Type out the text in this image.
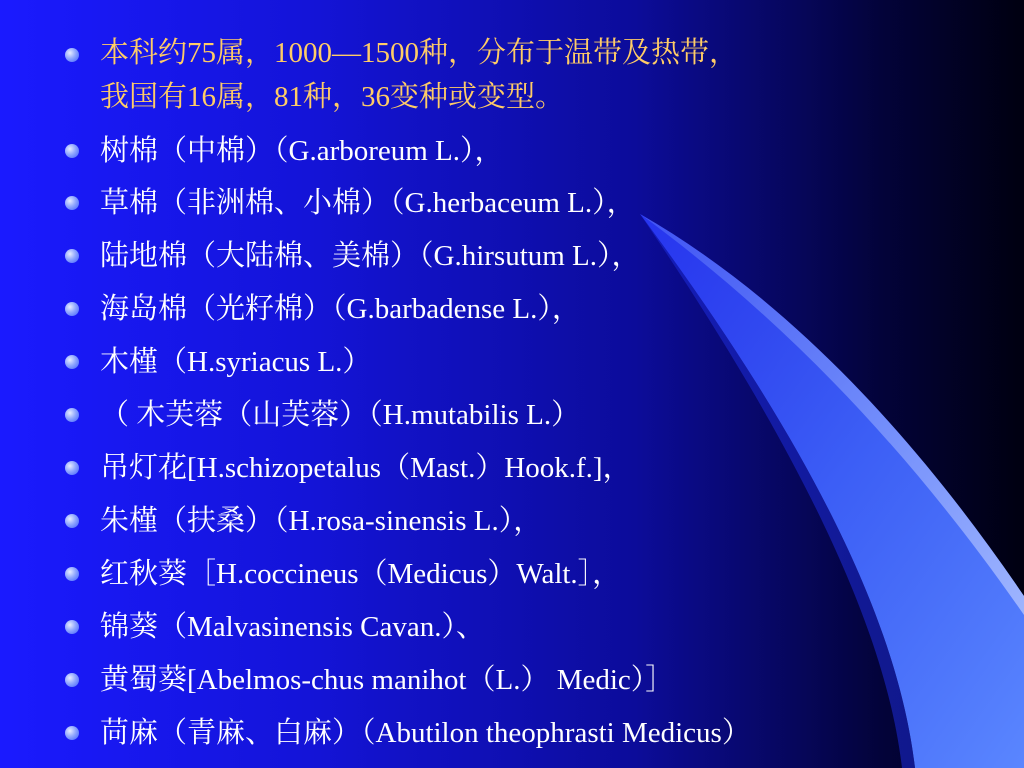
本科约75属，1000—1500种，分布于温带及热带，
我国有16属，81种，36变种或变型。
树棉（中棉）（G.arboreum L.），
草棉（非洲棉、小棉）（G.herbaceum L.），
陆地棉（大陆棉、美棉）（G.hirsutum L.），
海岛棉（光籽棉）（G.barbadense L.），
木槿（H.syriacus L.）
（ 木芙蓉（山芙蓉）（H.mutabilis L.）
吊灯花[H.schizopetalus（Mast.）Hook.f.]，
朱槿（扶桑）（H.rosa-sinensis L.），
红秋葵［H.coccineus（Medicus）Walt.］，
锦葵（Malvasinensis Cavan.）、
黄蜀葵[Abelmos-chus manihot（L.） Medic）］
苘麻（青麻、白麻）（Abutilon theophrasti Medicus）
